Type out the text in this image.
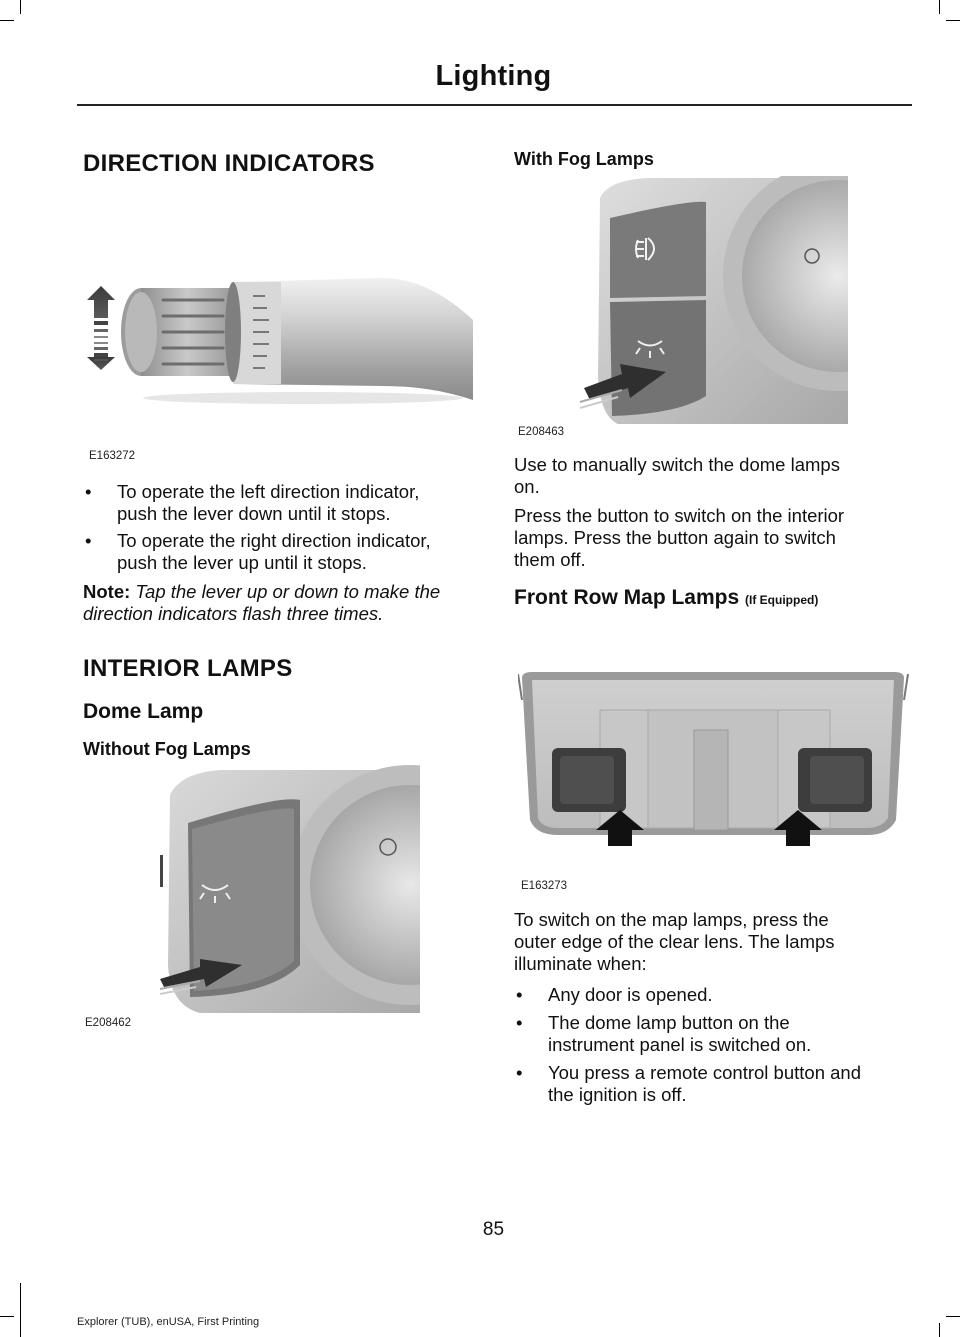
Lighting
DIRECTION INDICATORS
E163272
• To operate the left direction indicator,
push the lever down until it stops.
• To operate the right direction indicator,
push the lever up until it stops.

Note: Tap the lever up or down to make the
direction indicators flash three times.

INTERIOR LAMPS
Dome Lamp
Without Fog Lamps
E208462
With Fog Lamps
E208463

Use to manually switch the dome lamps
on.

Press the button to switch on the interior
lamps. Press the button again to switch
them off.

Front Row Map Lamps (If Equipped)
E163273

To switch on the map lamps, press the
outer edge of the clear lens. The lamps
illuminate when:

• Any door is opened.
• The dome lamp button on the
instrument panel is switched on.
• You press a remote control button and
the ignition is off.
85
Explorer (TUB), enUSA, First Printing
